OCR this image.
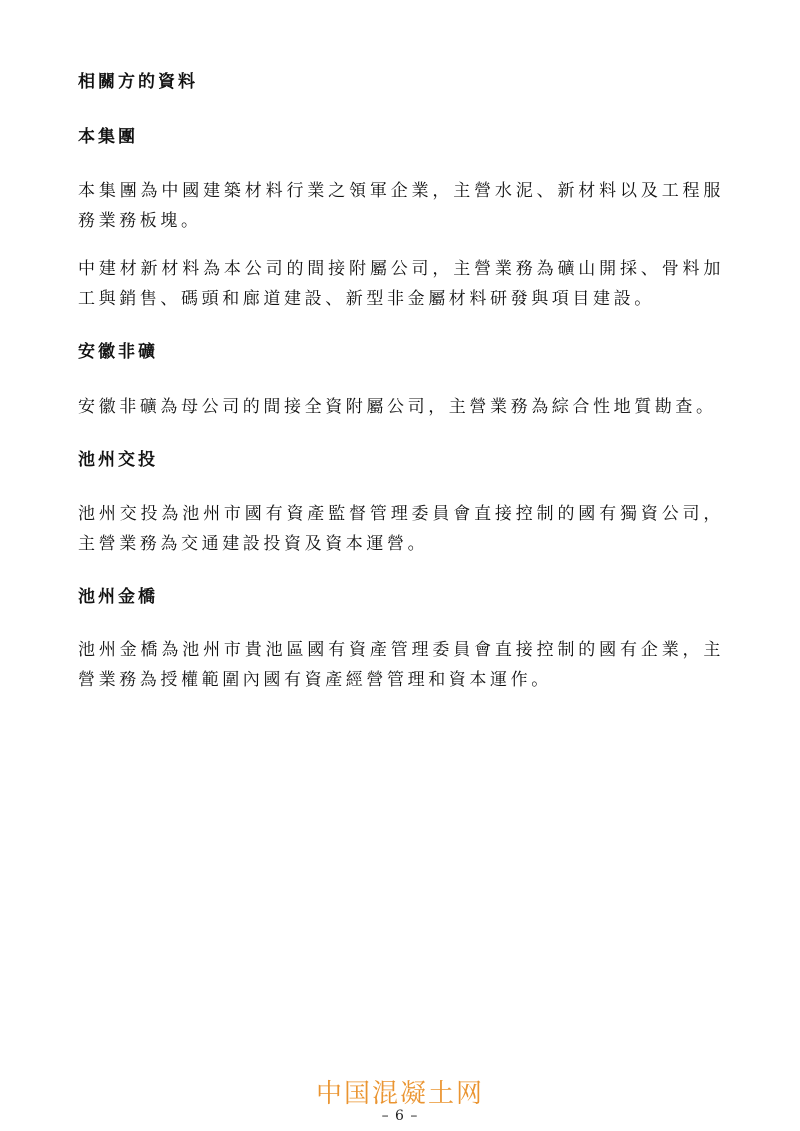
相關方的資料
本集團

本集團為中國建築材料行業之領軍企業，主營水泥、新材料以及工程服務業務板塊。

中建材新材料為本公司的間接附屬公司，主營業務為礦山開採、骨料加工與銷售、碼頭和廊道建設、新型非金屬材料研發與項目建設。

安徽非礦

安徽非礦為母公司的間接全資附屬公司，主營業務為綜合性地質勘查。

池州交投

池州交投為池州市國有資產監督管理委員會直接控制的國有獨資公司，主營業務為交通建設投資及資本運營。

池州金橋

池州金橋為池州市貴池區國有資產管理委員會直接控制的國有企業，主營業務為授權範圍內國有資產經營管理和資本運作。

中国混凝土网
– 6 –
